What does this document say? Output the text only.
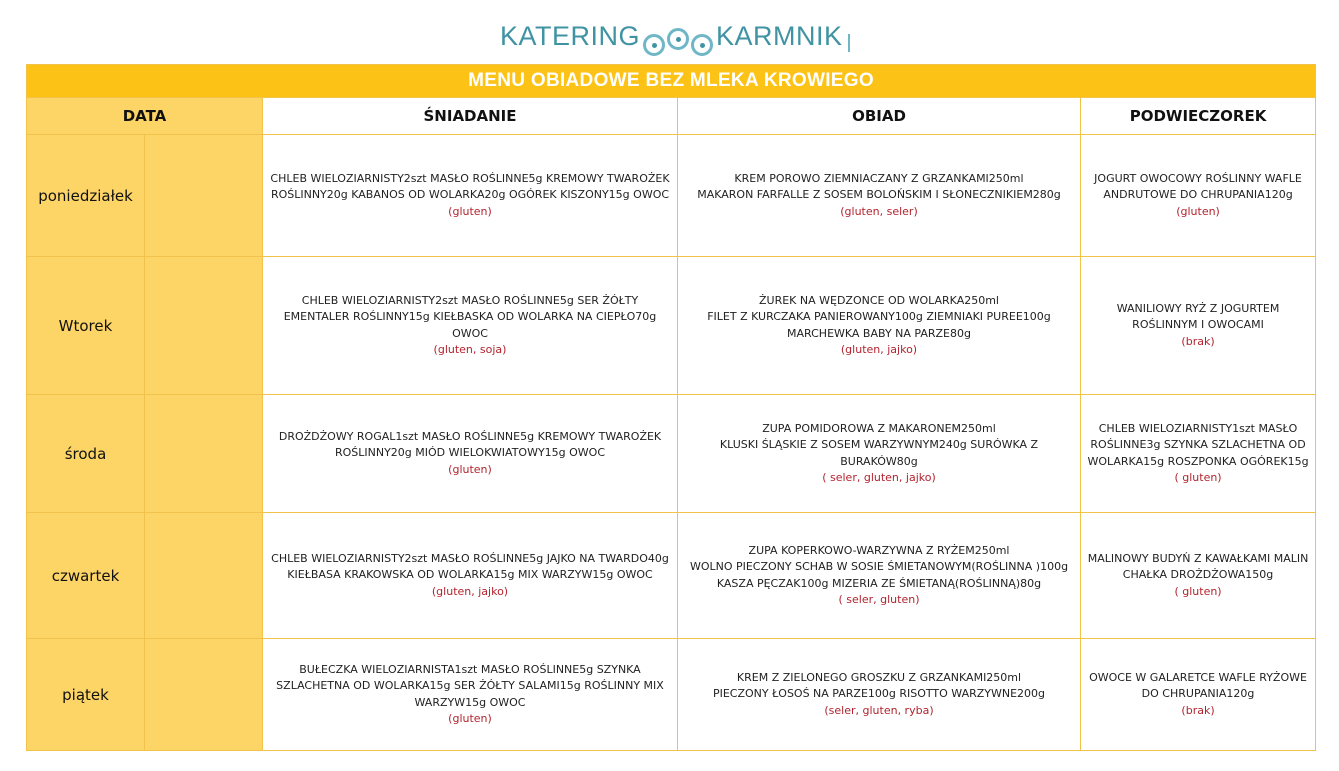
KATERING	KARMNIK
MENU OBIADOWE BEZ MLEKA KROWIEGO				
DATA		ŚNIADANIE	OBIAD	PODWIECZOREK
poniedziałek		CHLEB WIELOZIARNISTY2szt MASŁO ROŚLINNE5g KREMOWY TWAROŻEK
ROŚLINNY20g KABANOS OD WOLARKA20g OGÓREK KISZONY15g OWOC
(gluten)	KREM POROWO ZIEMNIACZANY Z GRZANKAMI250ml
MAKARON FARFALLE Z SOSEM BOLOŃSKIM I SŁONECZNIKIEM280g
(gluten, seler)	JOGURT OWOCOWY ROŚLINNY WAFLE
ANDRUTOWE DO CHRUPANIA120g
(gluten)

Wtorek		CHLEB WIELOZIARNISTY2szt MASŁO ROŚLINNE5g SER ŻÓŁTY
EMENTALER ROŚLINNY15g KIEŁBASKA OD WOLARKA NA CIEPŁO70g
OWOC
(gluten, soja)	ŻUREK NA WĘDZONCE OD WOLARKA250ml
FILET Z KURCZAKA PANIEROWANY100g ZIEMNIAKI PUREE100g
MARCHEWKA BABY NA PARZE80g
(gluten, jajko)	WANILIOWY RYŻ Z JOGURTEM
ROŚLINNYM I OWOCAMI
(brak)

środa		DROŻDŻOWY ROGAL1szt MASŁO ROŚLINNE5g KREMOWY TWAROŻEK
ROŚLINNY20g MIÓD WIELOKWIATOWY15g OWOC
(gluten)	ZUPA POMIDOROWA Z MAKARONEM250ml
KLUSKI ŚLĄSKIE Z SOSEM WARZYWNYM240g SURÓWKA Z
BURAKÓW80g
( seler, gluten, jajko)	CHLEB WIELOZIARNISTY1szt MASŁO
ROŚLINNE3g SZYNKA SZLACHETNA OD
WOLARKA15g ROSZPONKA OGÓREK15g
( gluten)

czwartek		CHLEB WIELOZIARNISTY2szt MASŁO ROŚLINNE5g JAJKO NA TWARDO40g
KIEŁBASA KRAKOWSKA OD WOLARKA15g MIX WARZYW15g OWOC
(gluten, jajko)	ZUPA KOPERKOWO-WARZYWNA Z RYŻEM250ml
WOLNO PIECZONY SCHAB W SOSIE ŚMIETANOWYM(ROŚLINNA )100g
KASZA PĘCZAK100g MIZERIA ZE ŚMIETANĄ(ROŚLINNĄ)80g
( seler, gluten)	MALINOWY BUDYŃ Z KAWAŁKAMI MALIN
CHAŁKA DROŻDŻOWA150g
( gluten)

piątek		BUŁECZKA WIELOZIARNISTA1szt MASŁO ROŚLINNE5g SZYNKA
SZLACHETNA OD WOLARKA15g SER ŻÓŁTY SALAMI15g ROŚLINNY MIX
WARZYW15g OWOC
(gluten)	KREM Z ZIELONEGO GROSZKU Z GRZANKAMI250ml
PIECZONY ŁOSOŚ NA PARZE100g RISOTTO WARZYWNE200g
(seler, gluten, ryba)	OWOCE W GALARETCE WAFLE RYŻOWE
DO CHRUPANIA120g
(brak)
